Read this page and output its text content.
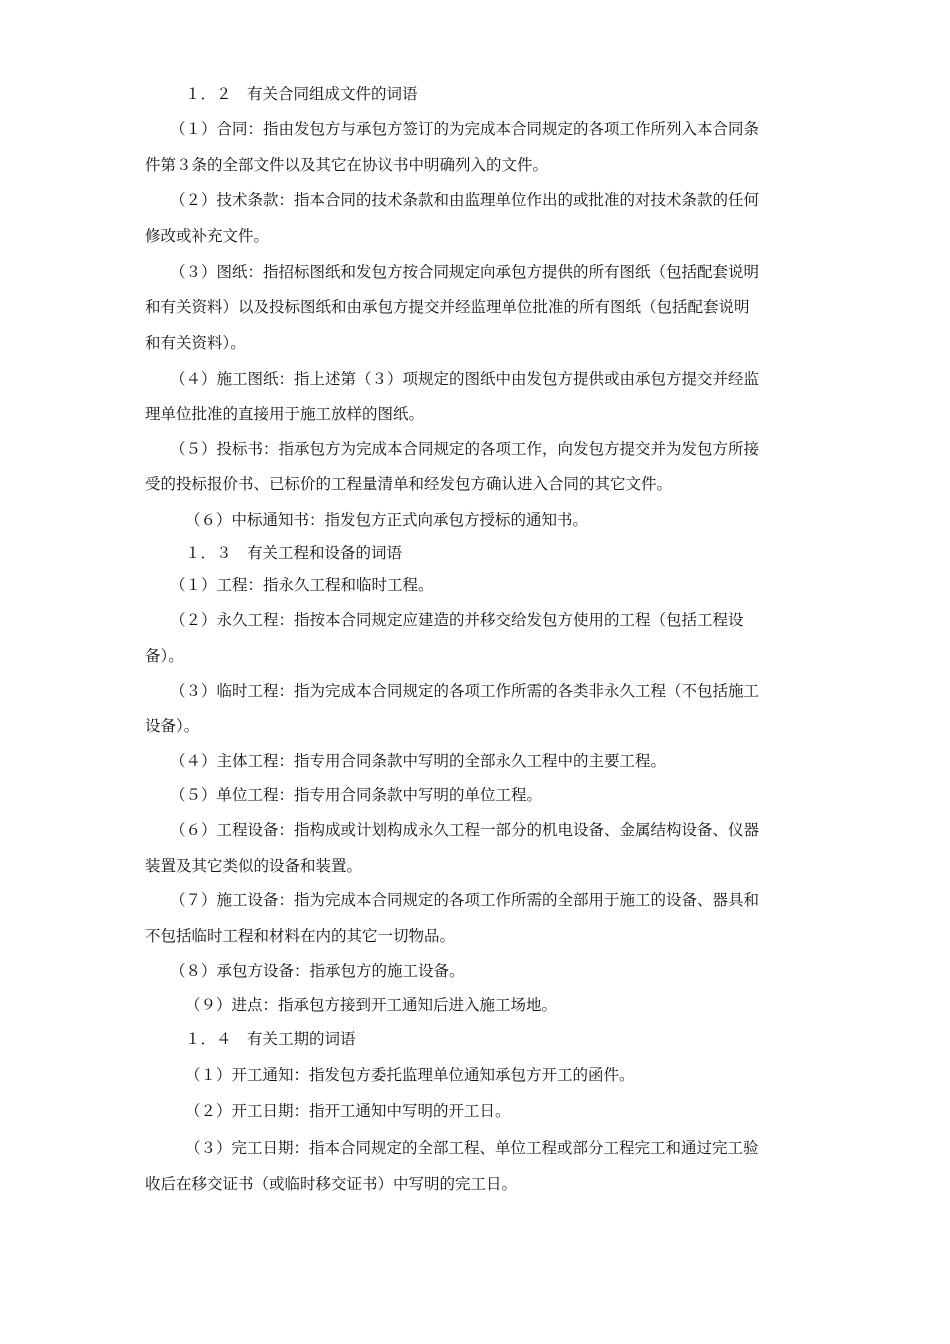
１．２　有关合同组成文件的词语
（１）合同：指由发包方与承包方签订的为完成本合同规定的各项工作所列入本合同条
件第３条的全部文件以及其它在协议书中明确列入的文件。
（２）技术条款：指本合同的技术条款和由监理单位作出的或批准的对技术条款的任何
修改或补充文件。
（３）图纸：指招标图纸和发包方按合同规定向承包方提供的所有图纸（包括配套说明
和有关资料）以及投标图纸和由承包方提交并经监理单位批准的所有图纸（包括配套说明
和有关资料）。
（４）施工图纸：指上述第（３）项规定的图纸中由发包方提供或由承包方提交并经监
理单位批准的直接用于施工放样的图纸。
（５）投标书：指承包方为完成本合同规定的各项工作，向发包方提交并为发包方所接
受的投标报价书、已标价的工程量清单和经发包方确认进入合同的其它文件。
（６）中标通知书：指发包方正式向承包方授标的通知书。
１．３　有关工程和设备的词语
（１）工程：指永久工程和临时工程。
（２）永久工程：指按本合同规定应建造的并移交给发包方使用的工程（包括工程设
备）。
（３）临时工程：指为完成本合同规定的各项工作所需的各类非永久工程（不包括施工
设备）。
（４）主体工程：指专用合同条款中写明的全部永久工程中的主要工程。
（５）单位工程：指专用合同条款中写明的单位工程。
（６）工程设备：指构成或计划构成永久工程一部分的机电设备、金属结构设备、仪器
装置及其它类似的设备和装置。
（７）施工设备：指为完成本合同规定的各项工作所需的全部用于施工的设备、器具和
不包括临时工程和材料在内的其它一切物品。
（８）承包方设备：指承包方的施工设备。
（９）进点：指承包方接到开工通知后进入施工场地。
１．４　有关工期的词语
（１）开工通知：指发包方委托监理单位通知承包方开工的函件。
（２）开工日期：指开工通知中写明的开工日。
（３）完工日期：指本合同规定的全部工程、单位工程或部分工程完工和通过完工验
收后在移交证书（或临时移交证书）中写明的完工日。
